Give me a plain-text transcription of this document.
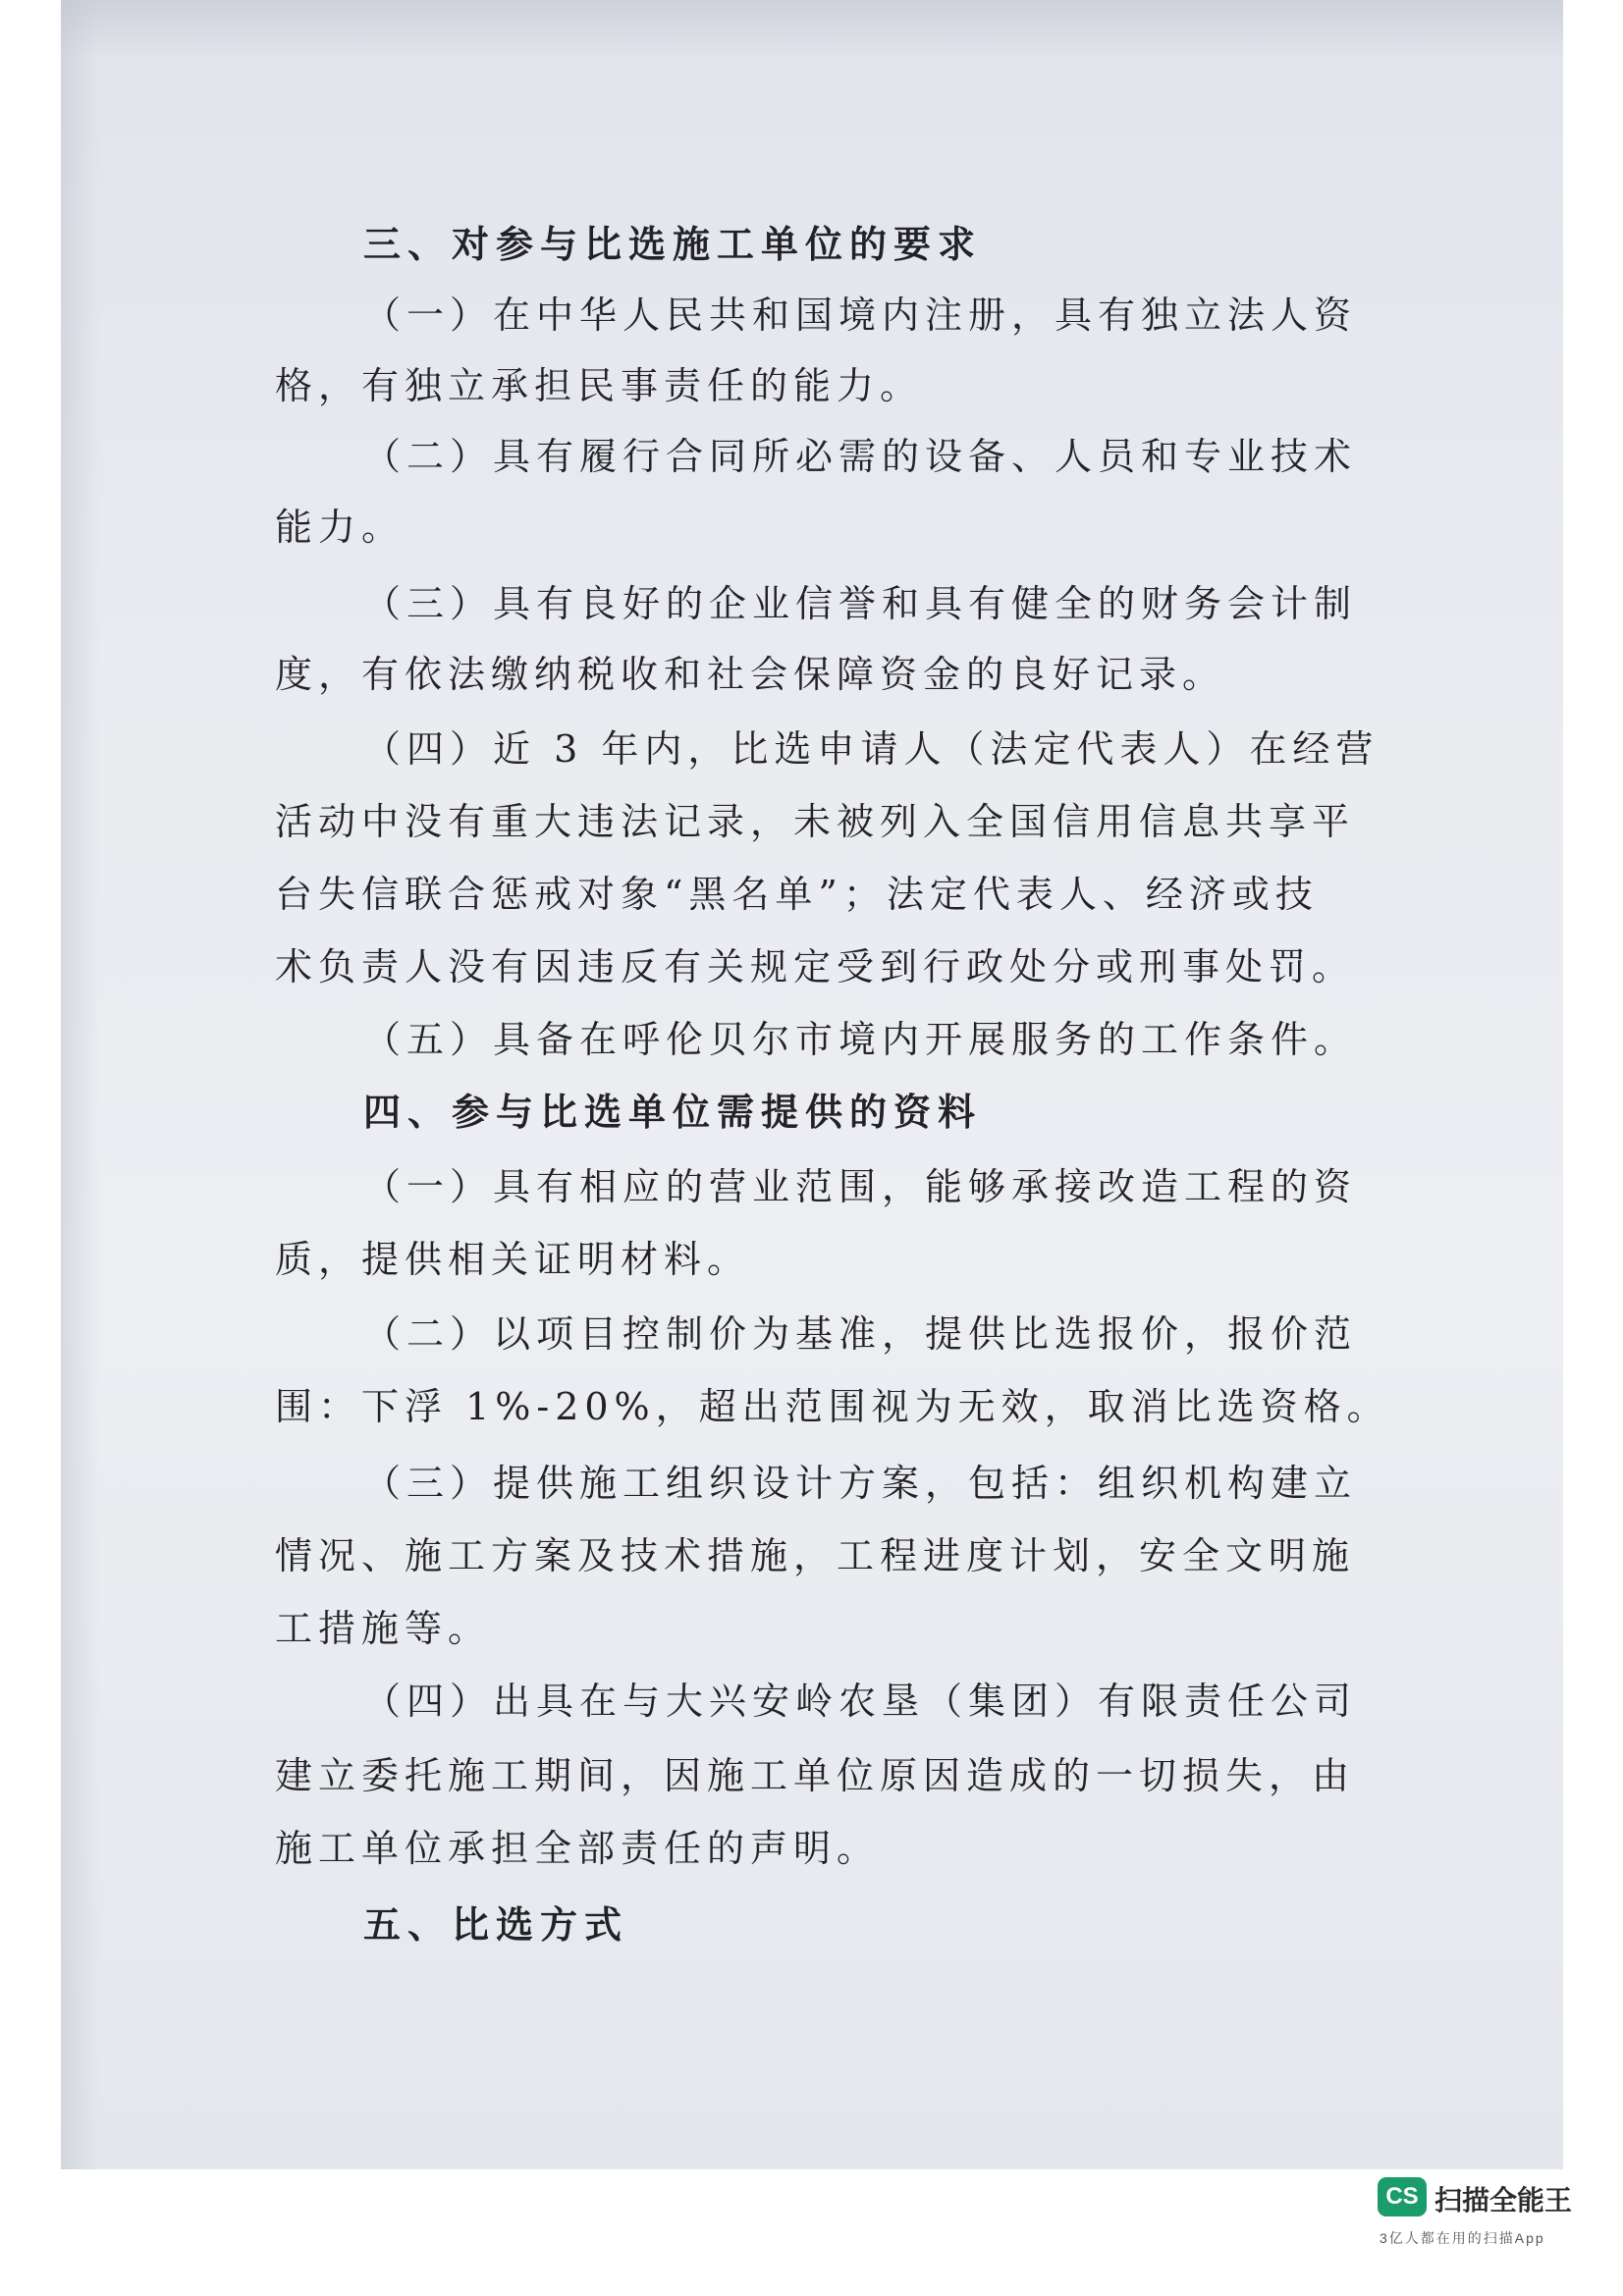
三、对参与比选施工单位的要求
（一）在中华人民共和国境内注册，具有独立法人资
格，有独立承担民事责任的能力。
（二）具有履行合同所必需的设备、人员和专业技术
能力。
（三）具有良好的企业信誉和具有健全的财务会计制
度，有依法缴纳税收和社会保障资金的良好记录。
（四）近 3 年内，比选申请人（法定代表人）在经营
活动中没有重大违法记录，未被列入全国信用信息共享平
台失信联合惩戒对象“黑名单”；法定代表人、经济或技
术负责人没有因违反有关规定受到行政处分或刑事处罚。
（五）具备在呼伦贝尔市境内开展服务的工作条件。
四、参与比选单位需提供的资料
（一）具有相应的营业范围，能够承接改造工程的资
质，提供相关证明材料。
（二）以项目控制价为基准，提供比选报价，报价范
围：下浮 1%-20%，超出范围视为无效，取消比选资格。
（三）提供施工组织设计方案，包括：组织机构建立
情况、施工方案及技术措施，工程进度计划，安全文明施
工措施等。
（四）出具在与大兴安岭农垦（集团）有限责任公司
建立委托施工期间，因施工单位原因造成的一切损失，由
施工单位承担全部责任的声明。
五、比选方式
CS 扫描全能王
3亿人都在用的扫描App
